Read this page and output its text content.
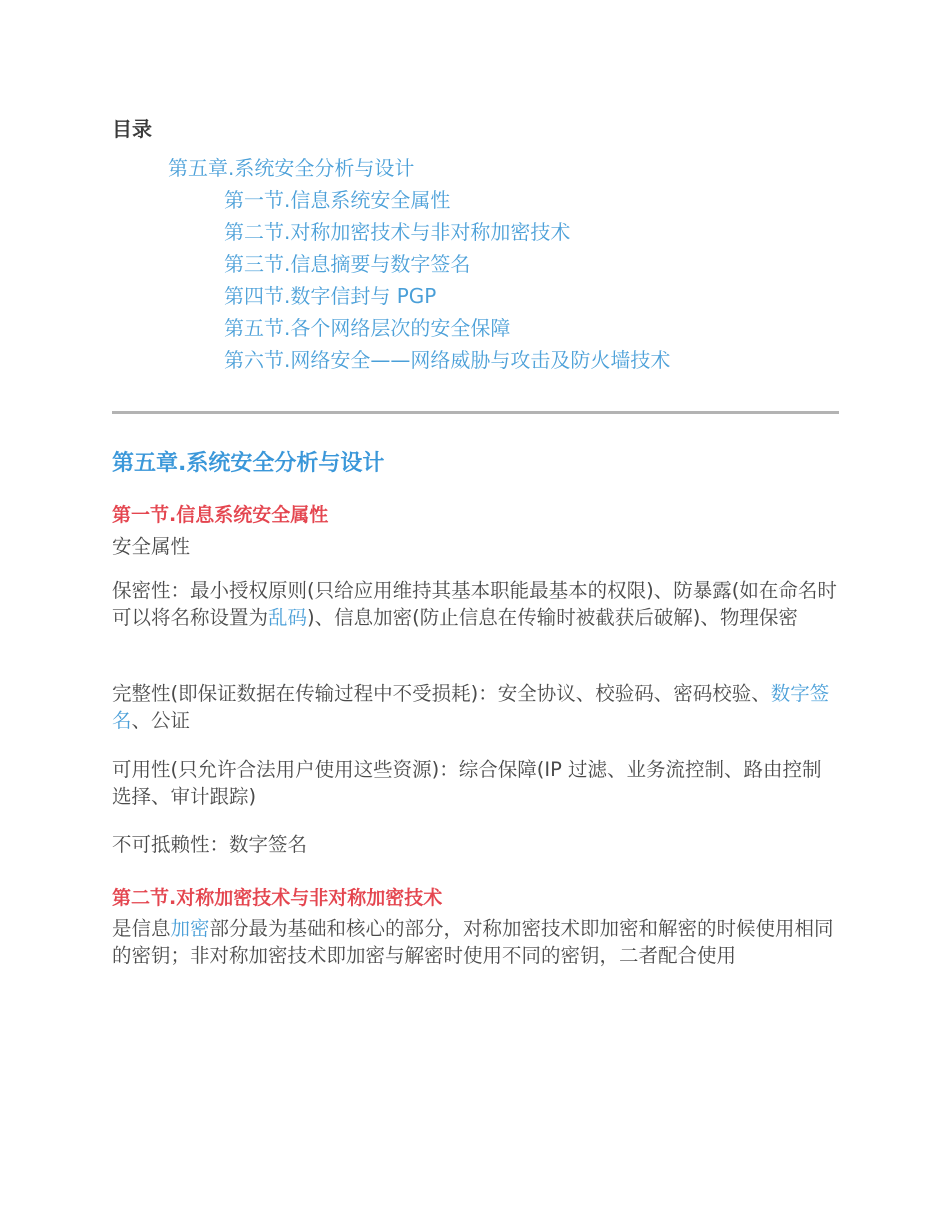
目录
第五章.系统安全分析与设计
第一节.信息系统安全属性
第二节.对称加密技术与非对称加密技术
第三节.信息摘要与数字签名
第四节.数字信封与 PGP
第五节.各个网络层次的安全保障
第六节.网络安全——网络威胁与攻击及防火墙技术
第五章.系统安全分析与设计
第一节.信息系统安全属性

安全属性

保密性：最小授权原则(只给应用维持其基本职能最基本的权限)、防暴露(如在命名时可以将名称设置为乱码)、信息加密(防止信息在传输时被截获后破解)、物理保密

完整性(即保证数据在传输过程中不受损耗)：安全协议、校验码、密码校验、数字签名、公证

可用性(只允许合法用户使用这些资源)：综合保障(IP 过滤、业务流控制、路由控制选择、审计跟踪)

不可抵赖性：数字签名

第二节.对称加密技术与非对称加密技术

是信息加密部分最为基础和核心的部分，对称加密技术即加密和解密的时候使用相同的密钥；非对称加密技术即加密与解密时使用不同的密钥，二者配合使用
